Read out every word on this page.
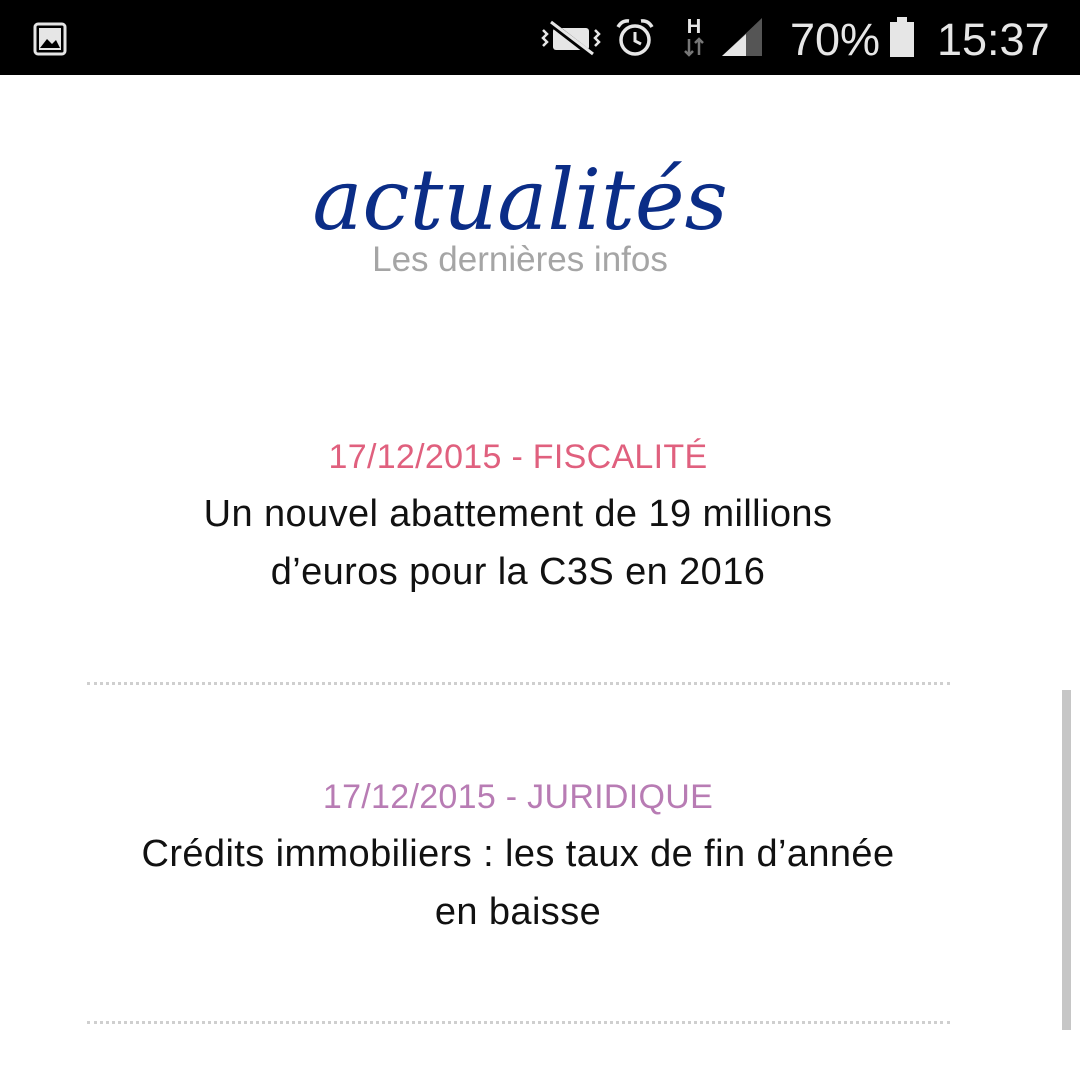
H 70% 15:37
actualités
Les dernières infos
17/12/2015 - FISCALITÉ
Un nouvel abattement de 19 millions d’euros pour la C3S en 2016
17/12/2015 - JURIDIQUE
Crédits immobiliers : les taux de fin d’année en baisse
